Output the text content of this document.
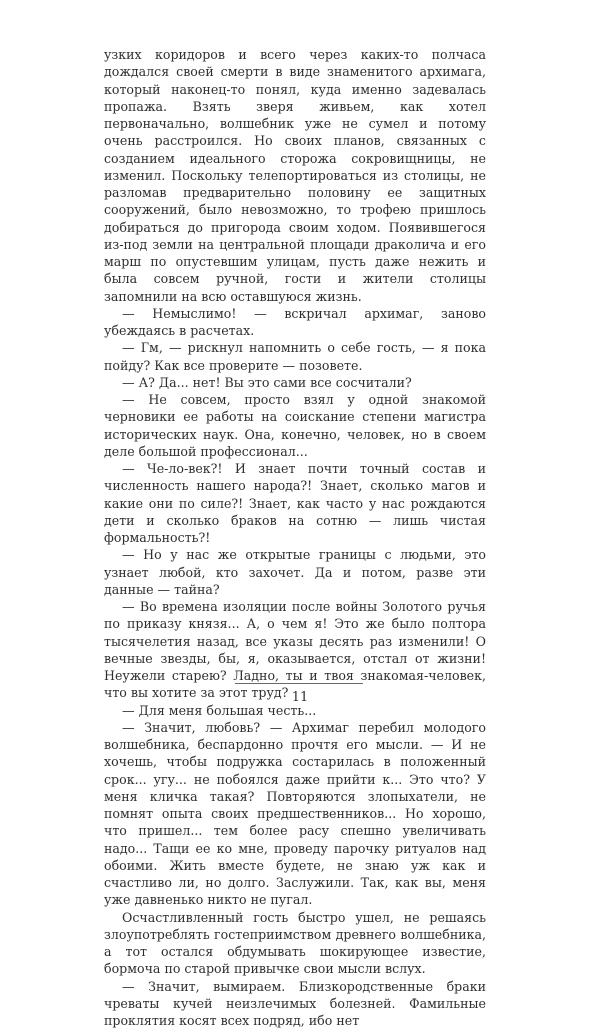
узких коридоров и всего через каких-то полчаса дождался своей смерти в виде знаменитого архимага, который наконец-то понял, куда именно задевалась пропажа. Взять зверя живьем, как хотел первоначально, волшебник уже не сумел и потому очень расстроился. Но своих планов, связанных с созданием идеального сторожа сокровищницы, не изменил. Поскольку телепортироваться из столицы, не разломав предварительно половину ее защитных сооружений, было невозможно, то трофею пришлось добираться до пригорода своим ходом. Появившегося из-под земли на центральной площади драколича и его марш по опустевшим улицам, пусть даже нежить и была совсем ручной, гости и жители столицы запомнили на всю оставшуюся жизнь.

— Немыслимо! — вскричал архимаг, заново убеждаясь в расчетах.

— Гм, — рискнул напомнить о себе гость, — я пока пойду? Как все проверите — позовете.

— А? Да... нет! Вы это сами все сосчитали?

— Не совсем, просто взял у одной знакомой черновики ее работы на соискание степени магистра исторических наук. Она, конечно, человек, но в своем деле большой профессионал...

— Че-ло-век?! И знает почти точный состав и численность нашего народа?! Знает, сколько магов и какие они по силе?! Знает, как часто у нас рождаются дети и сколько браков на сотню — лишь чистая формальность?!

— Но у нас же открытые границы с людьми, это узнает любой, кто захочет. Да и потом, разве эти данные — тайна?

— Во времена изоляции после войны Золотого ручья по приказу князя... А, о чем я! Это же было полтора тысячелетия назад, все указы десять раз изменили! О вечные звезды, бы, я, оказывается, отстал от жизни! Неужели старею? Ладно, ты и твоя знакомая-человек, что вы хотите за этот труд?

— Для меня большая честь...

— Значит, любовь? — Архимаг перебил молодого волшебника, беспардонно прочтя его мысли. — И не хочешь, чтобы подружка состарилась в положенный срок... угу... не побоялся даже прийти к... Это что? У меня кличка такая? Повторяются злопыхатели, не помнят опыта своих предшественников... Но хорошо, что пришел... тем более расу спешно увеличивать надо... Тащи ее ко мне, проведу парочку ритуалов над обоими. Жить вместе будете, не знаю уж как и счастливо ли, но долго. Заслужили. Так, как вы, меня уже давненько никто не пугал.

Осчастливленный гость быстро ушел, не решаясь злоупотреблять гостеприимством древнего волшебника, а тот остался обдумывать шокирующее известие, бормоча по старой привычке свои мысли вслух.

— Значит, вымираем. Близкородственные браки чреваты кучей неизлечимых болезней. Фамильные проклятия косят всех подряд, ибо нет

11
